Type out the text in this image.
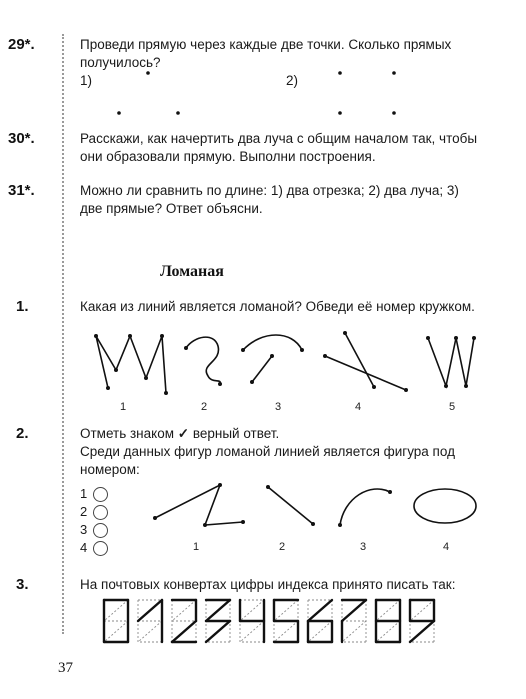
29*.	Проведи прямую через каждые две точки. Сколько прямых получилось?
1)	2)
30*.	Расскажи, как начертить два луча с общим началом так, чтобы они образовали прямую. Выполни построения.
31*.	Можно ли сравнить по длине: 1) два отрезка; 2) два луча; 3) две прямые? Ответ объясни.
Ломаная
1.	Какая из линий является ломаной? Обведи её номер кружком.
2.	Отметь знаком ✓ верный ответ.
Среди данных фигур ломаной линией является фигура под номером:
1
2
3
4
3.	На почтовых конвертах цифры индекса принято писать так:
37
1	2	3	4	5
1	2	3	4
